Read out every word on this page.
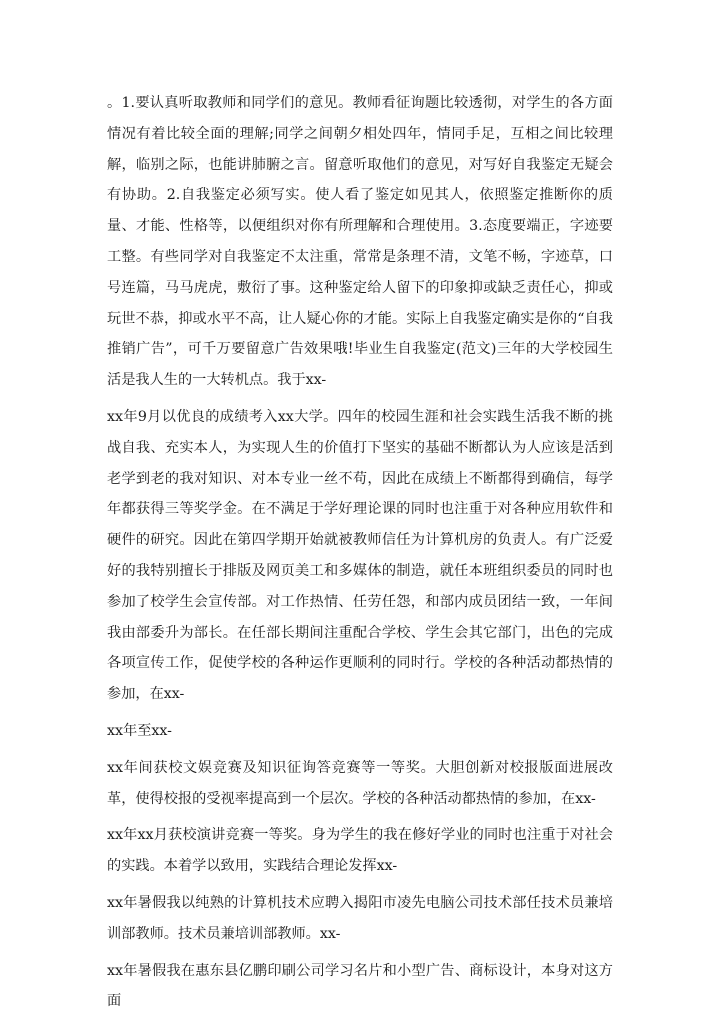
。1.要认真听取教师和同学们的意见。教师看征询题比较透彻，对学生的各方面情况有着比较全面的理解;同学之间朝夕相处四年，情同手足，互相之间比较理解，临别之际，也能讲肺腑之言。留意听取他们的意见，对写好自我鉴定无疑会有协助。2.自我鉴定必须写实。使人看了鉴定如见其人，依照鉴定推断你的质量、才能、性格等，以便组织对你有所理解和合理使用。3.态度要端正，字迹要工整。有些同学对自我鉴定不太注重，常常是条理不清，文笔不畅，字迹草，口号连篇，马马虎虎，敷衍了事。这种鉴定给人留下的印象抑或缺乏责任心，抑或玩世不恭，抑或水平不高，让人疑心你的才能。实际上自我鉴定确实是你的“自我推销广告”，可千万要留意广告效果哦!毕业生自我鉴定(范文)三年的大学校园生活是我人生的一大转机点。我于xx-

xx年9月以优良的成绩考入xx大学。四年的校园生涯和社会实践生活我不断的挑战自我、充实本人，为实现人生的价值打下坚实的基础不断都认为人应该是活到老学到老的我对知识、对本专业一丝不苟，因此在成绩上不断都得到确信，每学年都获得三等奖学金。在不满足于学好理论课的同时也注重于对各种应用软件和硬件的研究。因此在第四学期开始就被教师信任为计算机房的负责人。有广泛爱好的我特别擅长于排版及网页美工和多媒体的制造，就任本班组织委员的同时也参加了校学生会宣传部。对工作热情、任劳任怨，和部内成员团结一致，一年间我由部委升为部长。在任部长期间注重配合学校、学生会其它部门，出色的完成各项宣传工作，促使学校的各种运作更顺利的同时行。学校的各种活动都热情的参加，在xx-

xx年至xx-

xx年间获校文娱竞赛及知识征询答竞赛等一等奖。大胆创新对校报版面进展改革，使得校报的受视率提高到一个层次。学校的各种活动都热情的参加，在xx-

xx年xx月获校演讲竞赛一等奖。身为学生的我在修好学业的同时也注重于对社会的实践。本着学以致用，实践结合理论发挥xx-

xx年暑假我以纯熟的计算机技术应聘入揭阳市凌先电脑公司技术部任技术员兼培训部教师。技术员兼培训部教师。xx-

xx年暑假我在惠东县亿鹏印刷公司学习名片和小型广告、商标设计，本身对这方面
